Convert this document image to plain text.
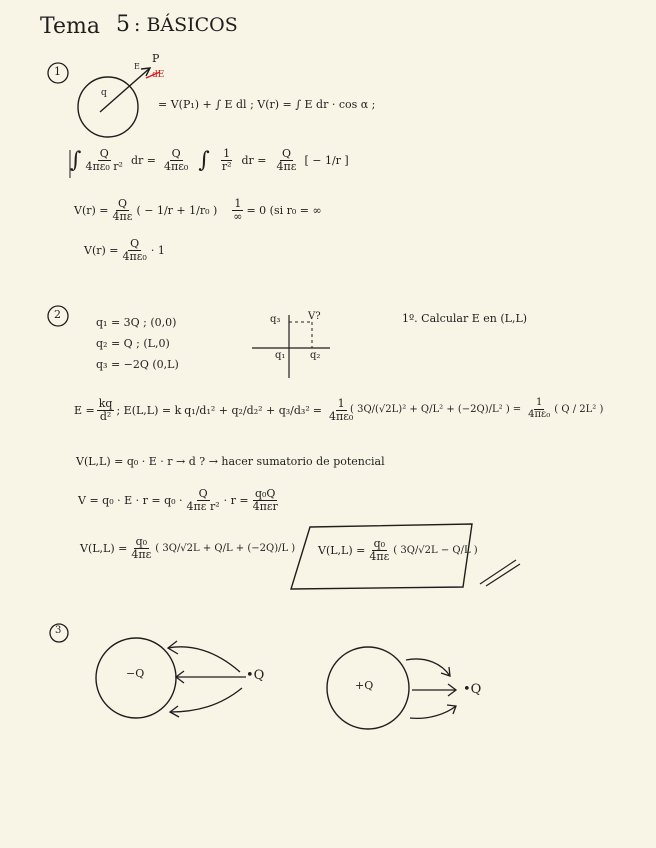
Tema 5 : BÁSICOS
1
P
dE
E
q
= V(P₁) + ∫ E dl ; V(r) = ∫ E dr · cos α ;
∫ $\frac{Q}{\text{4πε₀ r²}}$ dr = $\frac{Q}{\text{4πε₀}}$ ∫ $\frac{1}{\text{r²}}$ dr = $\frac{Q}{4\pi\varepsilon}$ [ − 1/r ]
$V(r) = \frac{Q}{4\pi\varepsilon}$ ( − 1/r + 1/r₀ ) $\frac{1}{\infty} = 0$ (si r₀ = ∞
$V(r) = \frac{Q}{\text{4πε₀}} \cdot 1$
2
q₁ = 3Q ; (0,0)
q₂ = Q ; (L,0)
q₃ = −2Q (0,L)
q₃	V?
q₁ q₂
1º. Calcular E en (L,L)
$E = \frac{kq}{\text{d²}}$ ; E(L,L) = k $q_1/d_1^2 + q_2/d_2^2 + q_3/d_3^2 = \frac{1}{\text{4πε₀}}$
( 3Q/(√2L)² + Q/L² + (−2Q)/L² ) = $\frac{1}{\text{4πε₀}}$ ( Q / 2L² )
V(L,L) = q₀ · E · r → d ? → hacer sumatorio de potencial
$V = q_0 \cdot E \cdot r = q_0 \cdot \frac{Q}{\text{4πε r²}} \cdot r = \frac{\text{q₀Q}}{\text{4πεr}}$
$V(L,L) = \frac{\text{q₀}}{4\pi\varepsilon}$ ( 3Q/√2L + Q/L + (−2Q)/L ) $V(L,L) = \frac{\text{q₀}}{4\pi\varepsilon}$ ( 3Q/√2L − Q/L )
3
−Q	•Q
+Q	•Q
